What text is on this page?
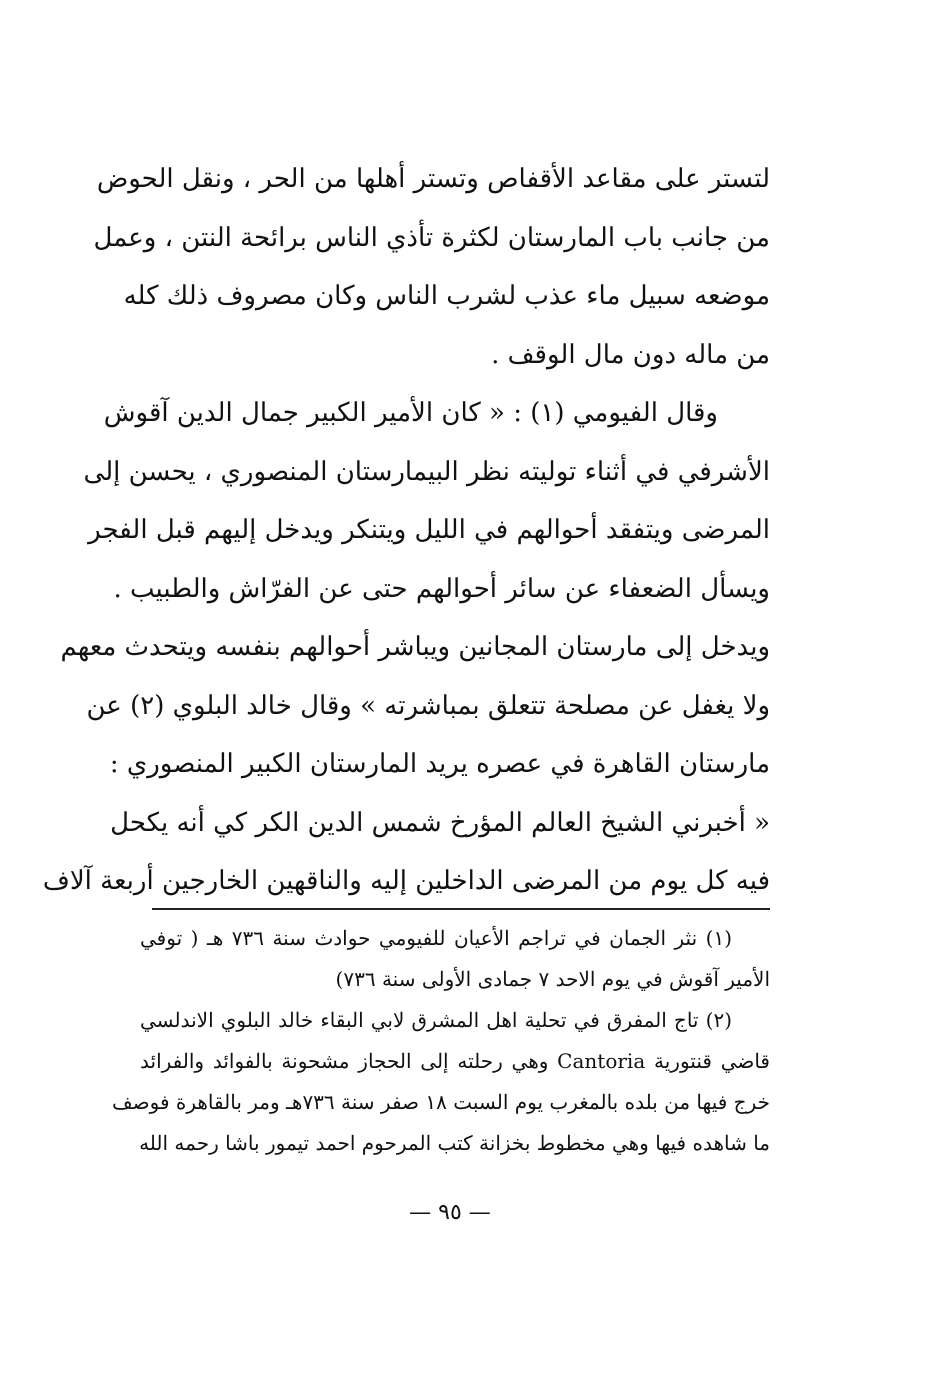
لتستر على مقاعد الأقفاص وتستر أهلها من الحر ، ونقل الحوض
من جانب باب المارستان لكثرة تأذي الناس برائحة النتن ، وعمل
موضعه سبيل ماء عذب لشرب الناس وكان مصروف ذلك كله
من ماله دون مال الوقف .
وقال الفيومي (١) : « كان الأمير الكبير جمال الدين آقوش
الأشرفي في أثناء توليته نظر البيمارستان المنصوري ، يحسن إلى
المرضى ويتفقد أحوالهم في الليل ويتنكر ويدخل إليهم قبل الفجر
ويسأل الضعفاء عن سائر أحوالهم حتى عن الفرّاش والطبيب .
ويدخل إلى مارستان المجانين ويباشر أحوالهم بنفسه ويتحدث معهم
ولا يغفل عن مصلحة تتعلق بمباشرته » وقال خالد البلوي (٢) عن
مارستان القاهرة في عصره يريد المارستان الكبير المنصوري :
« أخبرني الشيخ العالم المؤرخ شمس الدين الكر كي أنه يكحل
فيه كل يوم من المرضى الداخلين إليه والناقهين الخارجين أربعة آلاف
(١) نثر الجمان في تراجم الأعيان للفيومي حوادث سنة ٧٣٦ هـ ( توفي
الأمير آقوش في يوم الاحد ٧ جمادى الأولى سنة ٧٣٦)
(٢) تاج المفرق في تحلية اهل المشرق لابي البقاء خالد البلوي الاندلسي
قاضي قنتورية Cantoria وهي رحلته إلى الحجاز مشحونة بالفوائد والفرائد
خرج فيها من بلده بالمغرب يوم السبت ١٨ صفر سنة ٧٣٦هـ ومر بالقاهرة فوصف
ما شاهده فيها وهي مخطوط بخزانة كتب المرحوم احمد تيمور باشا رحمه الله
— ٩٥ —
